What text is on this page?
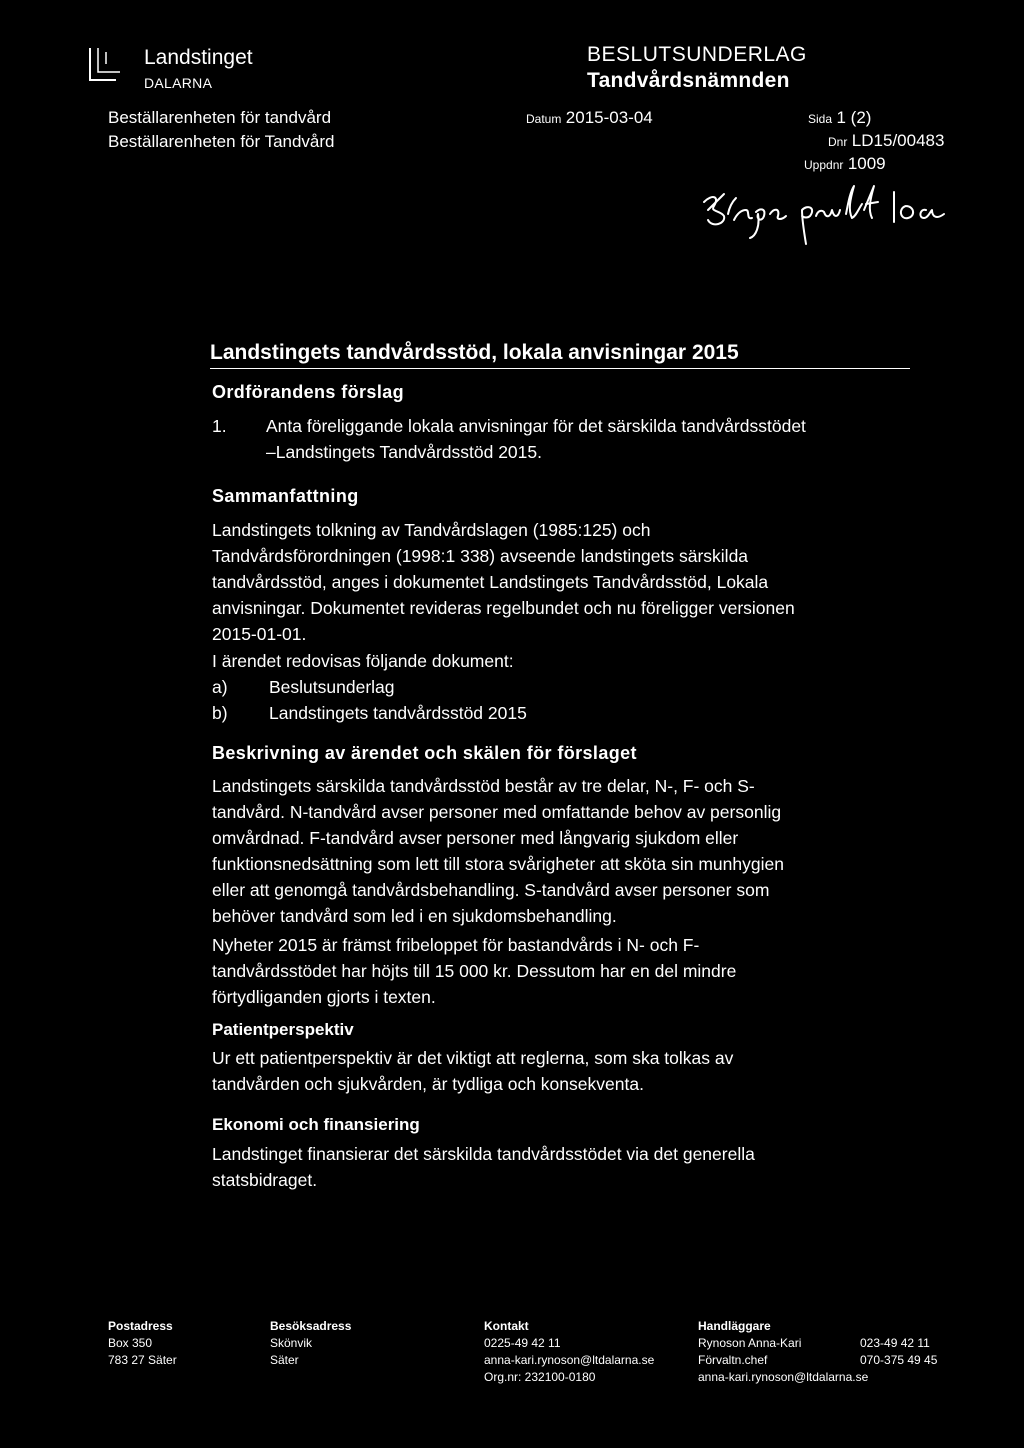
Landstinget
DALARNA
Beställarenheten för tandvård
Beställarenheten för Tandvård
BESLUTSUNDERLAG
Tandvårdsnämnden
Datum 2015-03-04	Sida 1 (2)
Dnr LD15/00483
Uppdnr 1009
Landstingets tandvårdsstöd, lokala anvisningar 2015
Ordförandens förslag
1. Anta föreliggande lokala anvisningar för det särskilda tandvårdsstödet
–Landstingets Tandvårdsstöd 2015.
Sammanfattning
Landstingets tolkning av Tandvårdslagen (1985:125) och
Tandvårdsförordningen (1998:1 338) avseende landstingets särskilda
tandvårdsstöd, anges i dokumentet Landstingets Tandvårdsstöd, Lokala
anvisningar. Dokumentet revideras regelbundet och nu föreligger versionen
2015-01-01.
I ärendet redovisas följande dokument:
a) Beslutsunderlag
b) Landstingets tandvårdsstöd 2015
Beskrivning av ärendet och skälen för förslaget
Landstingets särskilda tandvårdsstöd består av tre delar, N-, F- och S-
tandvård. N-tandvård avser personer med omfattande behov av personlig
omvårdnad. F-tandvård avser personer med långvarig sjukdom eller
funktionsnedsättning som lett till stora svårigheter att sköta sin munhygien
eller att genomgå tandvårdsbehandling. S-tandvård avser personer som
behöver tandvård som led i en sjukdomsbehandling.
Nyheter 2015 är främst fribeloppet för bastandvårds i N- och F-
tandvårdsstödet har höjts till 15 000 kr. Dessutom har en del mindre
förtydliganden gjorts i texten.
Patientperspektiv
Ur ett patientperspektiv är det viktigt att reglerna, som ska tolkas av
tandvården och sjukvården, är tydliga och konsekventa.
Ekonomi och finansiering
Landstinget finansierar det särskilda tandvårdsstödet via det generella
statsbidraget.
Postadress
Box 350
783 27 Säter
Besöksadress
Skönvik
Säter
Kontakt
0225-49 42 11
anna-kari.rynoson@ltdalarna.se
Org.nr: 232100-0180
Handläggare
Rynoson Anna-Kari	023-49 42 11
Förvaltn.chef	070-375 49 45
anna-kari.rynoson@ltdalarna.se
